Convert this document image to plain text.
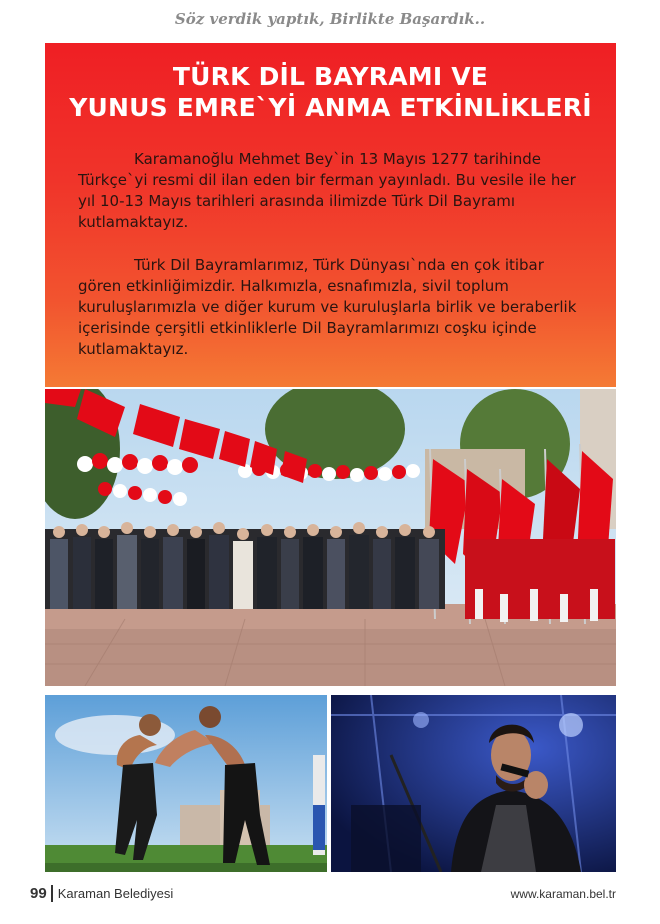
Söz verdik yaptık, Birlikte Başardık..
TÜRK DİL BAYRAMI VE
YUNUS EMRE`Yİ ANMA ETKİNLİKLERİ
Karamanoğlu Mehmet Bey`in 13 Mayıs 1277 tarihinde Türkçe`yi resmi dil ilan eden bir ferman yayınladı. Bu vesile ile her yıl 10-13 Mayıs tarihleri arasında ilimizde Türk Dil Bayramı kutlamaktayız.
Türk Dil Bayramlarımız, Türk Dünyası`nda en çok itibar gören etkinliğimizdir. Halkımızla, esnafımızla, sivil toplum kuruluşlarımızla ve diğer kurum ve kuruluşlarla birlik ve beraberlik içerisinde çerşitli etkinliklerle Dil Bayramlarımızı coşku içinde kutlamaktayız.
99 Karaman Belediyesi	www.karaman.bel.tr
